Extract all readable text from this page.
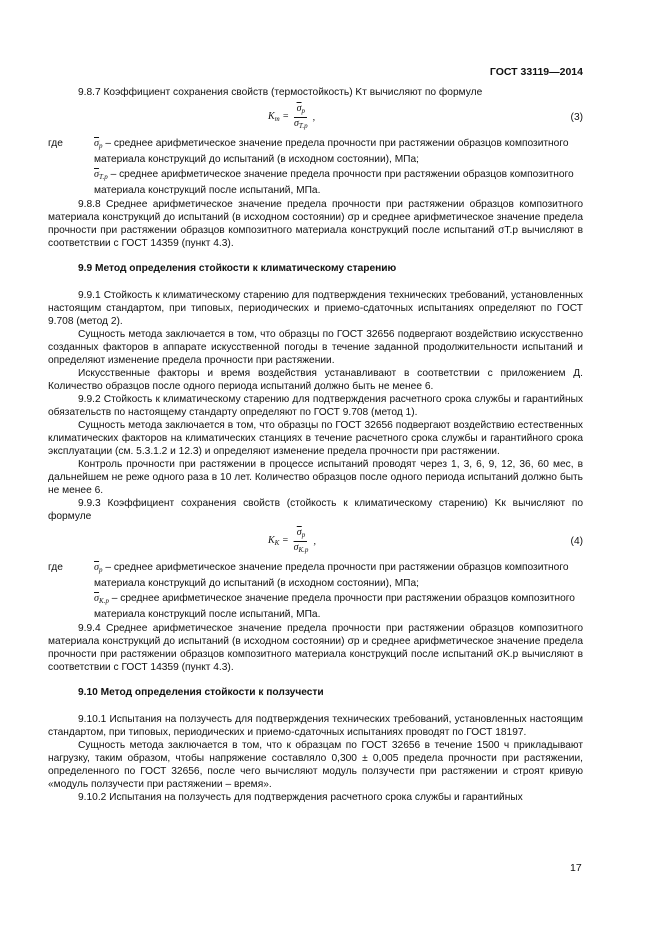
ГОСТ 33119—2014

9.8.7 Коэффициент сохранения свойств (термостойкость) Kт вычисляют по формуле

$K_т = \frac{\overline{\sigma}_р}{\overline{\sigma}_{Т.р}}$ ,	(3)
где	$\overline{\sigma}_р$ – среднее арифметическое значение предела прочности при растяжении образцов композитного материала конструкций до испытаний (в исходном состоянии), МПа;
$\overline{\sigma}_{Т.р}$ – среднее арифметическое значение предела прочности при растяжении образцов композитного материала конструкций после испытаний, МПа.

9.8.8 Среднее арифметическое значение предела прочности при растяжении образцов композитного материала конструкций до испытаний (в исходном состоянии) σр и среднее арифметическое значение предела прочности при растяжении образцов композитного материала конструкций после испытаний σT.p вычисляют в соответствии с ГОСТ 14359 (пункт 4.3).

9.9 Метод определения стойкости к климатическому старению

9.9.1 Стойкость к климатическому старению для подтверждения технических требований, установленных настоящим стандартом, при типовых, периодических и приемо-сдаточных испытаниях определяют по ГОСТ 9.708 (метод 2).

Сущность метода заключается в том, что образцы по ГОСТ 32656 подвергают воздействию искусственно созданных факторов в аппарате искусственной погоды в течение заданной продолжительности испытаний и определяют изменение предела прочности при растяжении.

Искусственные факторы и время воздействия устанавливают в соответствии с приложением Д. Количество образцов после одного периода испытаний должно быть не менее 6.

9.9.2 Стойкость к климатическому старению для подтверждения расчетного срока службы и гарантийных обязательств по настоящему стандарту определяют по ГОСТ 9.708 (метод 1).

Сущность метода заключается в том, что образцы по ГОСТ 32656 подвергают воздействию естественных климатических факторов на климатических станциях в течение расчетного срока службы и гарантийного срока эксплуатации (см. 5.3.1.2 и 12.3) и определяют изменение предела прочности при растяжении.

Контроль прочности при растяжении в процессе испытаний проводят через 1, 3, 6, 9, 12, 36, 60 мес, в дальнейшем не реже одного раза в 10 лет. Количество образцов после одного периода испытаний должно быть не менее 6.

9.9.3 Коэффициент сохранения свойств (стойкость к климатическому старению) Kк вычисляют по формуле

$K_К = \frac{\overline{\sigma}_p}{\overline{\sigma}_{K.p}}$ ,	(4)
где	$\overline{\sigma}_p$ – среднее арифметическое значение предела прочности при растяжении образцов композитного материала конструкций до испытаний (в исходном состоянии), МПа;
$\overline{\sigma}_{K.p}$ – среднее арифметическое значение предела прочности при растяжении образцов композитного материала конструкций после испытаний, МПа.

9.9.4 Среднее арифметическое значение предела прочности при растяжении образцов композитного материала конструкций до испытаний (в исходном состоянии) σp и среднее арифметическое значение предела прочности при растяжении образцов композитного материала конструкций после испытаний σK.p вычисляют в соответствии с ГОСТ 14359 (пункт 4.3).

9.10 Метод определения стойкости к ползучести

9.10.1 Испытания на ползучесть для подтверждения технических требований, установленных настоящим стандартом, при типовых, периодических и приемо-сдаточных испытаниях проводят по ГОСТ 18197.

Сущность метода заключается в том, что к образцам по ГОСТ 32656 в течение 1500 ч прикладывают нагрузку, таким образом, чтобы напряжение составляло 0,300 ± 0,005 предела прочности при растяжении, определенного по ГОСТ 32656, после чего вычисляют модуль ползучести при растяжении и строят кривую «модуль ползучести при растяжении – время».

9.10.2 Испытания на ползучесть для подтверждения расчетного срока службы и гарантийных

17
